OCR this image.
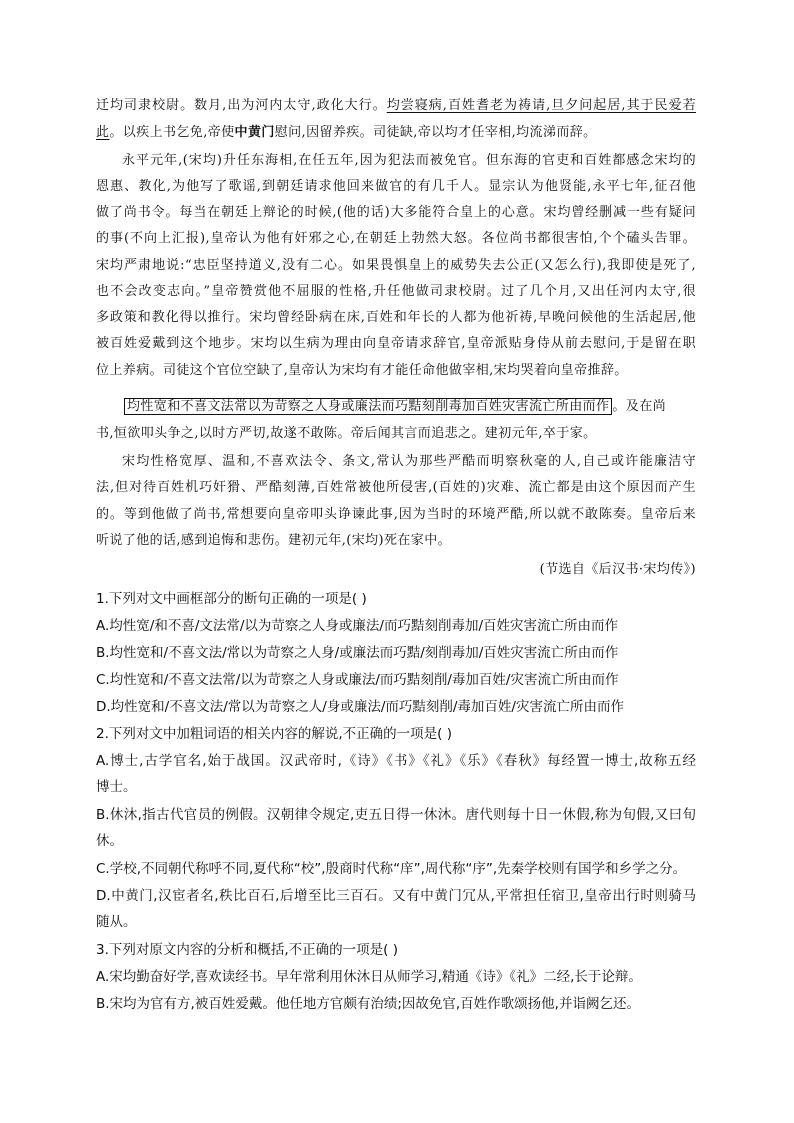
迁均司隶校尉。数月,出为河内太守,政化大行。均尝寝病,百姓耆老为祷请,旦夕问起居,其于民爱若
此。以疾上书乞免,帝使中黄门慰问,因留养疾。司徒缺,帝以均才任宰相,均流涕而辞。
永平元年,(宋均)升任东海相,在任五年,因为犯法而被免官。但东海的官吏和百姓都感念宋均的
恩惠、教化,为他写了歌谣,到朝廷请求他回来做官的有几千人。显宗认为他贤能,永平七年,征召他
做了尚书令。每当在朝廷上辩论的时候,(他的话)大多能符合皇上的心意。宋均曾经删减一些有疑问
的事(不向上汇报),皇帝认为他有奸邪之心,在朝廷上勃然大怒。各位尚书都很害怕,个个磕头告罪。
宋均严肃地说:“忠臣坚持道义,没有二心。如果畏惧皇上的威势失去公正(又怎么行),我即使是死了,
也不会改变志向。”皇帝赞赏他不屈服的性格,升任他做司隶校尉。过了几个月,又出任河内太守,很
多政策和教化得以推行。宋均曾经卧病在床,百姓和年长的人都为他祈祷,早晚问候他的生活起居,他
被百姓爱戴到这个地步。宋均以生病为理由向皇帝请求辞官,皇帝派贴身侍从前去慰问,于是留在职
位上养病。司徒这个官位空缺了,皇帝认为宋均有才能任命他做宰相,宋均哭着向皇帝推辞。
均性宽和不喜文法常以为苛察之人身或廉法而巧黠刻削毒加百姓灾害流亡所由而作 。及在尚
书,恒欲叩头争之,以时方严切,故遂不敢陈。帝后闻其言而追悲之。建初元年,卒于家。
宋均性格宽厚、温和,不喜欢法令、条文,常认为那些严酷而明察秋毫的人,自己或许能廉洁守
法,但对待百姓机巧奸猾、严酷刻薄,百姓常被他所侵害,(百姓的)灾难、流亡都是由这个原因而产生
的。等到他做了尚书,常想要向皇帝叩头诤谏此事,因为当时的环境严酷,所以就不敢陈奏。皇帝后来
听说了他的话,感到追悔和悲伤。建初元年,(宋均)死在家中。
(节选自《后汉书·宋均传》)
1.下列对文中画框部分的断句正确的一项是( )
A.均性宽/和不喜/文法常/以为苛察之人身或廉法/而巧黠刻削毒加/百姓灾害流亡所由而作
B.均性宽和/不喜文法/常以为苛察之人身/或廉法而巧黠/刻削毒加/百姓灾害流亡所由而作
C.均性宽和/不喜文法常/以为苛察之人身或廉法/而巧黠刻削/毒加百姓/灾害流亡所由而作
D.均性宽和/不喜文法/常以为苛察之人/身或廉法/而巧黠刻削/毒加百姓/灾害流亡所由而作
2.下列对文中加粗词语的相关内容的解说,不正确的一项是( )
A.博士,古学官名,始于战国。汉武帝时,《诗》《书》《礼》《乐》《春秋》每经置一博士,故称五经
博士。
B.休沐,指古代官员的例假。汉朝律令规定,吏五日得一休沐。唐代则每十日一休假,称为旬假,又曰旬
休。
C.学校,不同朝代称呼不同,夏代称“校”,殷商时代称“庠”,周代称“序”,先秦学校则有国学和乡学之分。
D.中黄门,汉宦者名,秩比百石,后增至比三百石。又有中黄门冗从,平常担任宿卫,皇帝出行时则骑马
随从。
3.下列对原文内容的分析和概括,不正确的一项是( )
A.宋均勤奋好学,喜欢读经书。早年常利用休沐日从师学习,精通《诗》《礼》二经,长于论辩。
B.宋均为官有方,被百姓爱戴。他任地方官颇有治绩;因故免官,百姓作歌颂扬他,并诣阙乞还。
